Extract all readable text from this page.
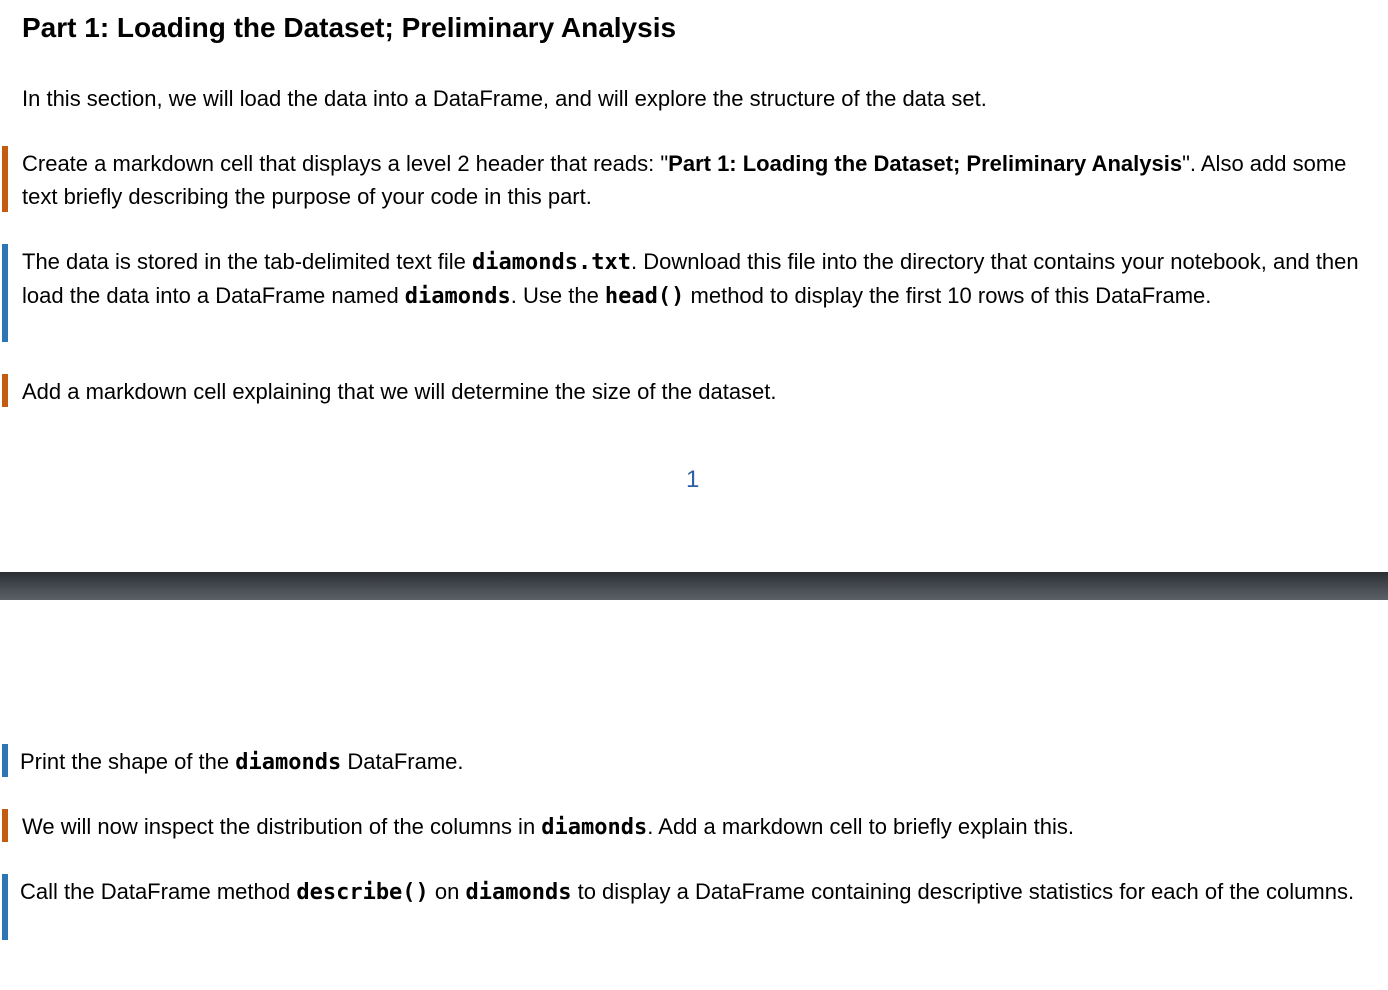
Part 1: Loading the Dataset; Preliminary Analysis

In this section, we will load the data into a DataFrame, and will explore the structure of the data set.

Create a markdown cell that displays a level 2 header that reads: "Part 1: Loading the Dataset; Preliminary Analysis". Also add some text briefly describing the purpose of your code in this part.

The data is stored in the tab-delimited text file diamonds.txt. Download this file into the directory that contains your notebook, and then load the data into a DataFrame named diamonds. Use the head() method to display the first 10 rows of this DataFrame.

Add a markdown cell explaining that we will determine the size of the dataset.

1

Print the shape of the diamonds DataFrame.

We will now inspect the distribution of the columns in diamonds. Add a markdown cell to briefly explain this.

Call the DataFrame method describe() on diamonds to display a DataFrame containing descriptive statistics for each of the columns.
